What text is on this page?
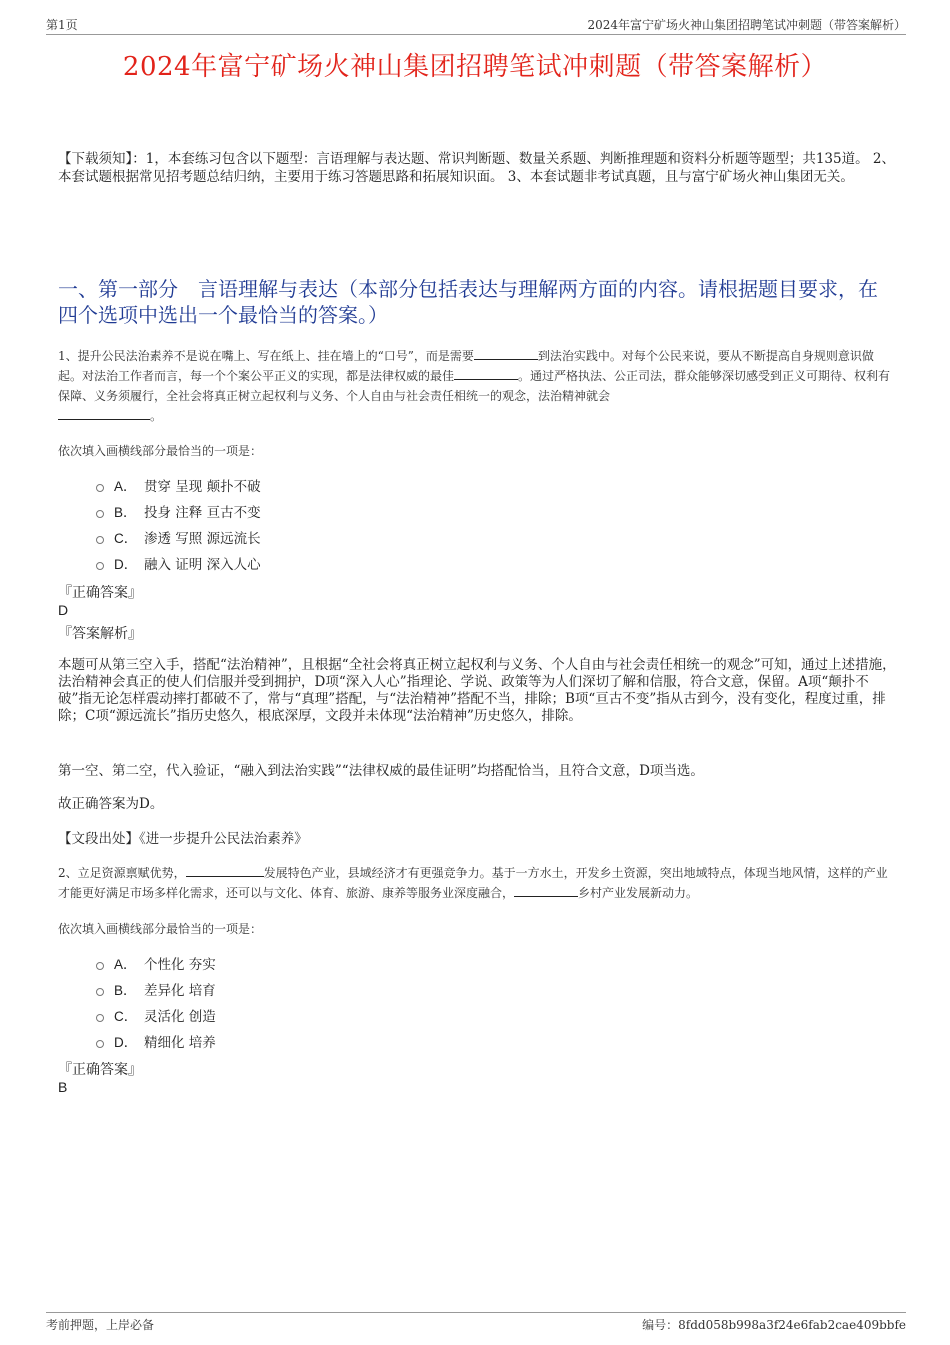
第1页	2024年富宁矿场火神山集团招聘笔试冲刺题（带答案解析）
2024年富宁矿场火神山集团招聘笔试冲刺题（带答案解析）
【下载须知】：1，本套练习包含以下题型：言语理解与表达题、常识判断题、数量关系题、判断推理题和资料分析题等题型；共135道。 2、本套试题根据常见招考题总结归纳，主要用于练习答题思路和拓展知识面。 3、本套试题非考试真题，且与富宁矿场火神山集团无关。
一、第一部分　言语理解与表达（本部分包括表达与理解两方面的内容。请根据题目要求，在四个选项中选出一个最恰当的答案。）
1、提升公民法治素养不是说在嘴上、写在纸上、挂在墙上的“口号”，而是需要	到法治实践中。对每个公民来说，要从不断提高自身规则意识做起。对法治工作者而言，每一个个案公平正义的实现，都是法律权威的最佳	。通过严格执法、公正司法，群众能够深切感受到正义可期待、权利有保障、义务须履行，全社会将真正树立起权利与义务、个人自由与社会责任相统一的观念，法治精神就会
。
依次填入画横线部分最恰当的一项是：
A． 贯穿 呈现 颠扑不破
B． 投身 注释 亘古不变
C． 渗透 写照 源远流长
D． 融入 证明 深入人心
『正确答案』
D
『答案解析』
本题可从第三空入手，搭配“法治精神”，且根据“全社会将真正树立起权利与义务、个人自由与社会责任相统一的观念”可知，通过上述措施，法治精神会真正的使人们信服并受到拥护，D项“深入人心”指理论、学说、政策等为人们深切了解和信服，符合文意，保留。A项“颠扑不破”指无论怎样震动摔打都破不了，常与“真理”搭配，与“法治精神”搭配不当，排除；B项“亘古不变”指从古到今，没有变化，程度过重，排除；C项“源远流长”指历史悠久，根底深厚，文段并未体现“法治精神”历史悠久，排除。
第一空、第二空，代入验证，“融入到法治实践”“法律权威的最佳证明”均搭配恰当，且符合文意，D项当选。
故正确答案为D。
【文段出处】《进一步提升公民法治素养》
2、立足资源禀赋优势，	发展特色产业，县域经济才有更强竞争力。基于一方水土，开发乡土资源，突出地域特点，体现当地风情，这样的产业才能更好满足市场多样化需求，还可以与文化、体育、旅游、康养等服务业深度融合，	乡村产业发展新动力。
依次填入画横线部分最恰当的一项是：
A． 个性化 夯实
B． 差异化 培育
C． 灵活化 创造
D． 精细化 培养
『正确答案』
B
考前押题，上岸必备	编号：8fdd058b998a3f24e6fab2cae409bbfe
